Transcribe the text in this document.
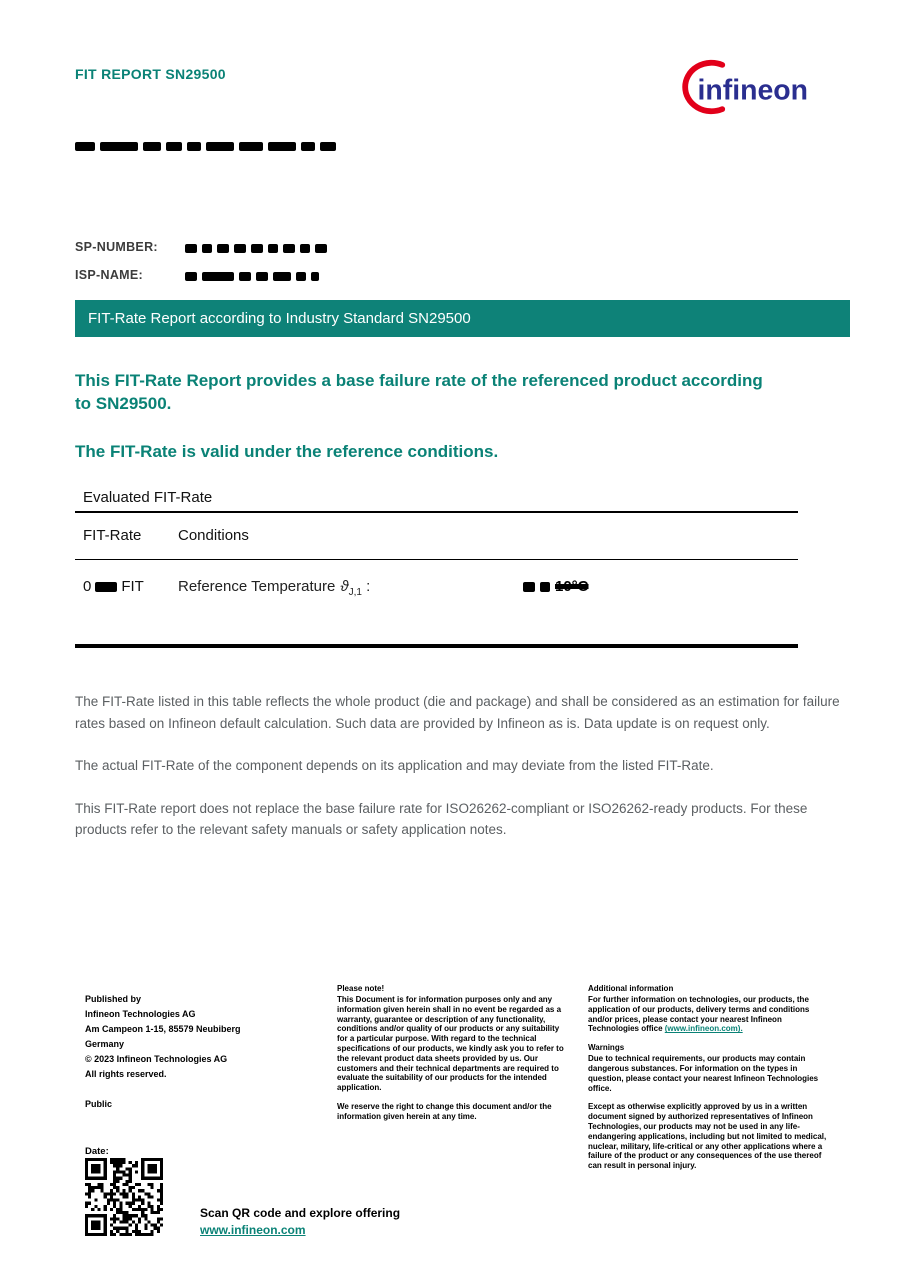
FIT REPORT SN29500
infineon
SP-NUMBER:
ISP-NAME:
FIT-Rate Report according to Industry Standard SN29500
This FIT-Rate Report provides a base failure rate of the referenced product according to SN29500.
The FIT-Rate is valid under the reference conditions.
Evaluated FIT-Rate
FIT-Rate Conditions
0 FIT Reference Temperature $ϑ_{J,1}$ :	10°C

The FIT-Rate listed in this table reflects the whole product (die and package) and shall be considered as an estimation for failure rates based on Infineon default calculation. Such data are provided by Infineon as is. Data update is on request only.

The actual FIT-Rate of the component depends on its application and may deviate from the listed FIT-Rate.

This FIT-Rate report does not replace the base failure rate for ISO26262-compliant or ISO26262-ready products. For these products refer to the relevant safety manuals or safety application notes.

Published by

Infineon Technologies AG

Am Campeon 1-15, 85579 Neubiberg

Germany

© 2023 Infineon Technologies AG

All rights reserved.

Public

Please note!
This Document is for information purposes only and any information given herein shall in no event be regarded as a warranty, guarantee or description of any functionality, conditions and/or quality of our products or any suitability for a particular purpose. With regard to the technical specifications of our products, we kindly ask you to refer to the relevant product data sheets provided by us. Our customers and their technical departments are required to evaluate the suitability of our products for the intended application.
We reserve the right to change this document and/or the information given herein at any time.
Additional information
For further information on technologies, our products, the application of our products, delivery terms and conditions and/or prices, please contact your nearest Infineon Technologies office (www.infineon.com).
Warnings
Due to technical requirements, our products may contain dangerous substances. For information on the types in question, please contact your nearest Infineon Technologies office.
Except as otherwise explicitly approved by us in a written document signed by authorized representatives of Infineon Technologies, our products may not be used in any life-endangering applications, including but not limited to medical, nuclear, military, life-critical or any other applications where a failure of the product or any consequences of the use thereof can result in personal injury.
Date:
Scan QR code and explore offering
www.infineon.com
